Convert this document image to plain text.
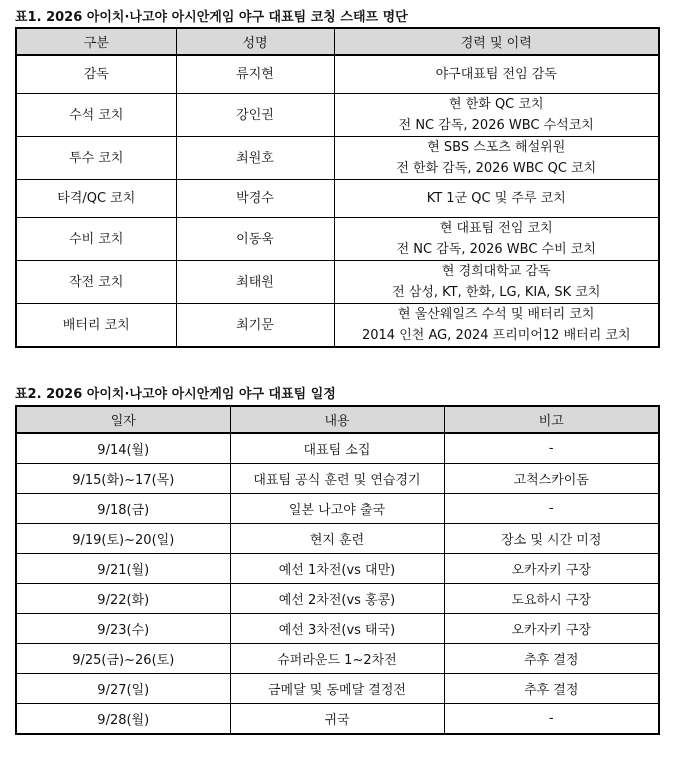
표1. 2026 아이치·나고야 아시안게임 야구 대표팀 코칭 스태프 명단
구분	성명	경력 및 이력
감독	류지현	야구대표팀 전임 감독

수석 코치	강인권	현 한화 QC 코치
전 NC 감독, 2026 WBC 수석코치

투수 코치	최원호	현 SBS 스포츠 해설위원
전 한화 감독, 2026 WBC QC 코치

타격/QC 코치	박경수	KT 1군 QC 및 주루 코치

수비 코치	이동욱	현 대표팀 전임 코치
전 NC 감독, 2026 WBC 수비 코치

작전 코치	최태원	현 경희대학교 감독
전 삼성, KT, 한화, LG, KIA, SK 코치

배터리 코치	최기문	현 울산웨일즈 수석 및 배터리 코치
2014 인천 AG, 2024 프리미어12 배터리 코치
표2. 2026 아이치·나고야 아시안게임 야구 대표팀 일정
일자	내용	비고
9/14(월)	대표팀 소집	-
9/15(화)~17(목)	대표팀 공식 훈련 및 연습경기	고척스카이돔
9/18(금)	일본 나고야 출국	-
9/19(토)~20(일)	현지 훈련	장소 및 시간 미정
9/21(월)	예선 1차전(vs 대만)	오카자키 구장
9/22(화)	예선 2차전(vs 홍콩)	도요하시 구장
9/23(수)	예선 3차전(vs 태국)	오카자키 구장
9/25(금)~26(토)	슈퍼라운드 1~2차전	추후 결정
9/27(일)	금메달 및 동메달 결정전	추후 결정
9/28(월)	귀국	-
